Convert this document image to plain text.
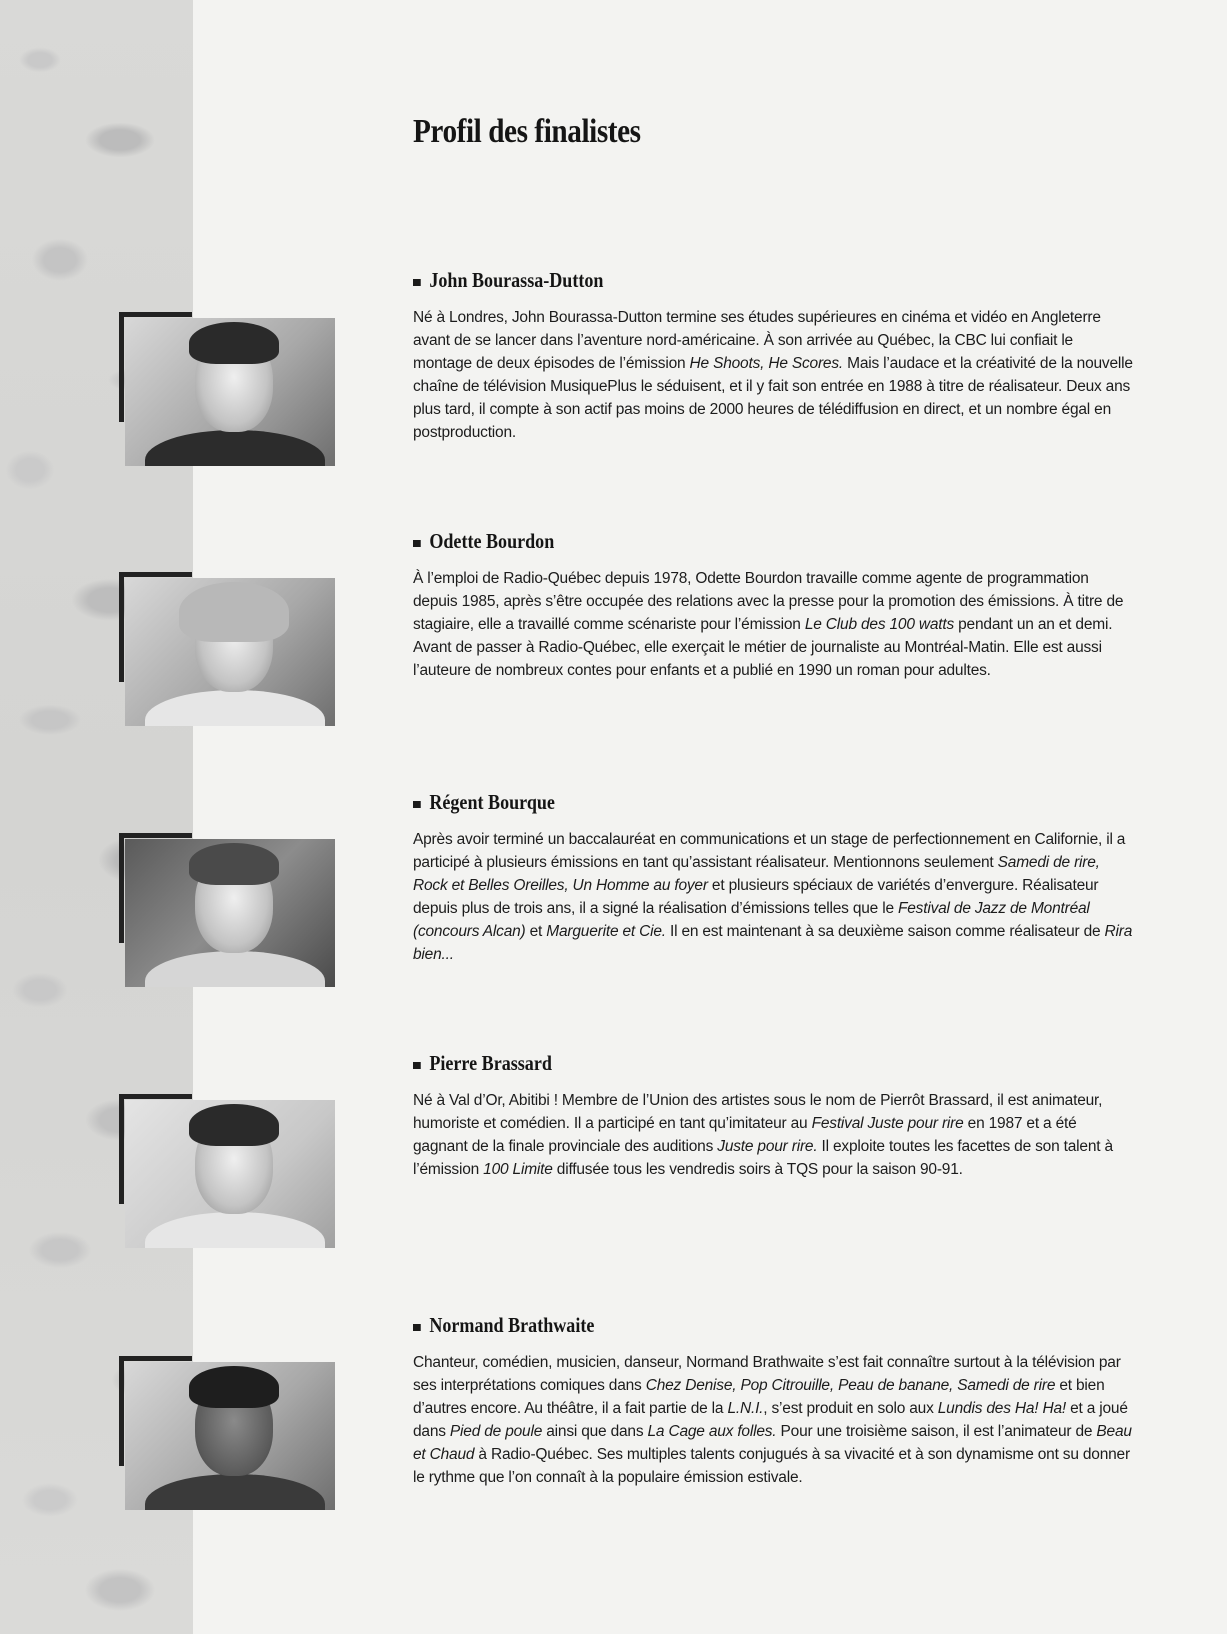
Profil des finalistes
John Bourassa-Dutton

Né à Londres, John Bourassa-Dutton termine ses études supérieures en cinéma et vidéo en Angleterre avant de se lancer dans l’aventure nord-américaine. À son arrivée au Québec, la CBC lui confiait le montage de deux épisodes de l’émission He Shoots, He Scores. Mais l’audace et la créativité de la nouvelle chaîne de télévision MusiquePlus le séduisent, et il y fait son entrée en 1988 à titre de réalisateur. Deux ans plus tard, il compte à son actif pas moins de 2000 heures de télédiffusion en direct, et un nombre égal en postproduction.

Odette Bourdon

À l’emploi de Radio-Québec depuis 1978, Odette Bourdon travaille comme agente de programmation depuis 1985, après s’être occupée des relations avec la presse pour la promotion des émissions. À titre de stagiaire, elle a travaillé comme scénariste pour l’émission Le Club des 100 watts pendant un an et demi. Avant de passer à Radio-Québec, elle exerçait le métier de journaliste au Montréal-Matin. Elle est aussi l’auteure de nombreux contes pour enfants et a publié en 1990 un roman pour adultes.

Régent Bourque

Après avoir terminé un baccalauréat en communications et un stage de perfectionnement en Californie, il a participé à plusieurs émissions en tant qu’assistant réalisateur. Mentionnons seulement Samedi de rire, Rock et Belles Oreilles, Un Homme au foyer et plusieurs spéciaux de variétés d’envergure. Réalisateur depuis plus de trois ans, il a signé la réalisation d’émissions telles que le Festival de Jazz de Montréal (concours Alcan) et Marguerite et Cie. Il en est maintenant à sa deuxième saison comme réalisateur de Rira bien...

Pierre Brassard

Né à Val d’Or, Abitibi ! Membre de l’Union des artistes sous le nom de Pierrôt Brassard, il est animateur, humoriste et comédien. Il a participé en tant qu’imitateur au Festival Juste pour rire en 1987 et a été gagnant de la finale provinciale des auditions Juste pour rire. Il exploite toutes les facettes de son talent à l’émission 100 Limite diffusée tous les vendredis soirs à TQS pour la saison 90-91.

Normand Brathwaite

Chanteur, comédien, musicien, danseur, Normand Brathwaite s’est fait connaître surtout à la télévision par ses interprétations comiques dans Chez Denise, Pop Citrouille, Peau de banane, Samedi de rire et bien d’autres encore. Au théâtre, il a fait partie de la L.N.I., s’est produit en solo aux Lundis des Ha! Ha! et a joué dans Pied de poule ainsi que dans La Cage aux folles. Pour une troisième saison, il est l’animateur de Beau et Chaud à Radio-Québec. Ses multiples talents conjugués à sa vivacité et à son dynamisme ont su donner le rythme que l’on connaît à la populaire émission estivale.
